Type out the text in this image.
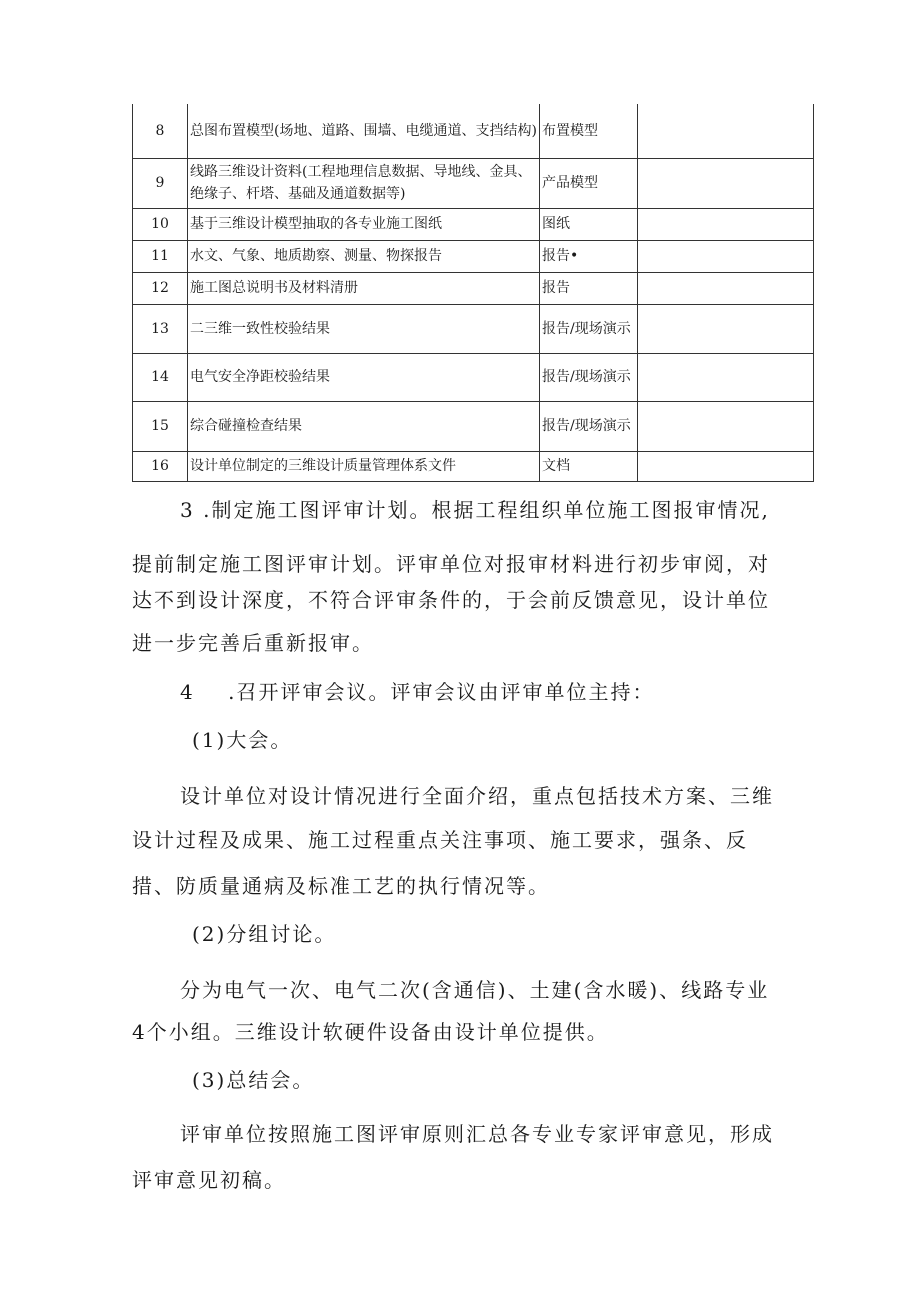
8	总图布置模型(场地、道路、围墙、电缆通道、支挡结构)	布置模型	
9	线路三维设计资料(工程地理信息数据、导地线、金具、绝缘子、杆塔、基础及通道数据等)	产品模型	
10	基于三维设计模型抽取的各专业施工图纸	图纸	
11	水文、气象、地质勘察、测量、物探报告	报告•	
12	施工图总说明书及材料清册	报告	
13	二三维一致性校验结果	报告/现场演示	
14	电气安全净距校验结果	报告/现场演示	
15	综合碰撞检查结果	报告/现场演示	
16	设计单位制定的三维设计质量管理体系文件	文档	

3 .制定施工图评审计划。根据工程组织单位施工图报审情况,

提前制定施工图评审计划。评审单位对报审材料进行初步审阅，对

达不到设计深度，不符合评审条件的，于会前反馈意见，设计单位

进一步完善后重新报审。

4    .召开评审会议。评审会议由评审单位主持：

(1)大会。

设计单位对设计情况进行全面介绍，重点包括技术方案、三维

设计过程及成果、施工过程重点关注事项、施工要求，强条、反

措、防质量通病及标准工艺的执行情况等。

(2)分组讨论。

分为电气一次、电气二次(含通信)、土建(含水暖)、线路专业

4个小组。三维设计软硬件设备由设计单位提供。

(3)总结会。

评审单位按照施工图评审原则汇总各专业专家评审意见，形成

评审意见初稿。
